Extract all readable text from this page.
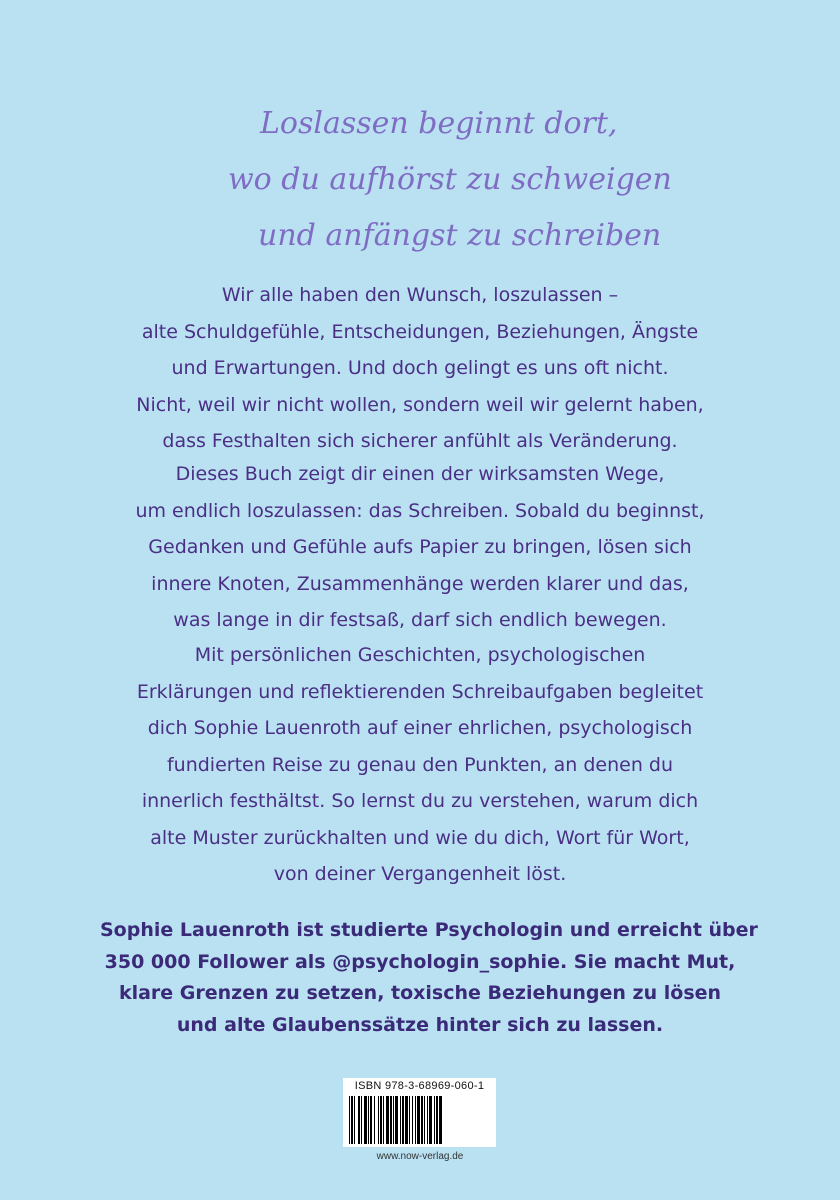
Loslassen beginnt dort,
wo du aufhörst zu schweigen
und anfängst zu schreiben
Wir alle haben den Wunsch, loszulassen –
alte Schuldgefühle, Entscheidungen, Beziehungen, Ängste
und Erwartungen. Und doch gelingt es uns oft nicht.
Nicht, weil wir nicht wollen, sondern weil wir gelernt haben,
dass Festhalten sich sicherer anfühlt als Veränderung.
Dieses Buch zeigt dir einen der wirksamsten Wege,
um endlich loszulassen: das Schreiben. Sobald du beginnst,
Gedanken und Gefühle aufs Papier zu bringen, lösen sich
innere Knoten, Zusammenhänge werden klarer und das,
was lange in dir festsaß, darf sich endlich bewegen.
Mit persönlichen Geschichten, psychologischen
Erklärungen und reflektierenden Schreibaufgaben begleitet
dich Sophie Lauenroth auf einer ehrlichen, psychologisch
fundierten Reise zu genau den Punkten, an denen du
innerlich festhältst. So lernst du zu verstehen, warum dich
alte Muster zurückhalten und wie du dich, Wort für Wort,
von deiner Vergangenheit löst.
Sophie Lauenroth ist studierte Psychologin und erreicht über
350 000 Follower als @psychologin_sophie. Sie macht Mut,
klare Grenzen zu setzen, toxische Beziehungen zu lösen
und alte Glaubenssätze hinter sich zu lassen.
ISBN 978-3-68969-060-1
www.now-verlag.de
